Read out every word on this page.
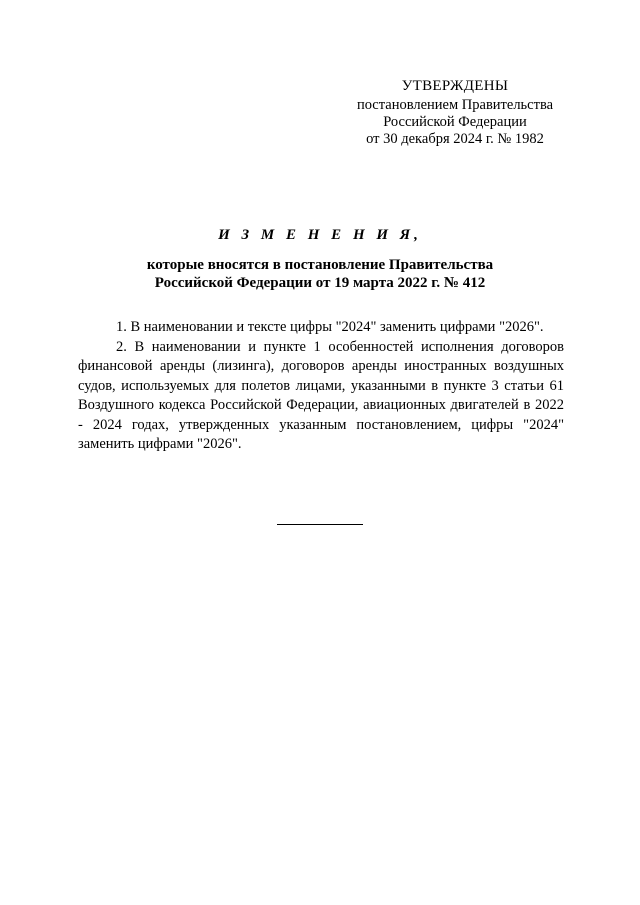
УТВЕРЖДЕНЫ
постановлением Правительства
Российской Федерации
от 30 декабря 2024 г. № 1982
И З М Е Н Е Н И Я,
которые вносятся в постановление Правительства
Российской Федерации от 19 марта 2022 г. № 412

1. В наименовании и тексте цифры "2024" заменить цифрами "2026".

2. В наименовании и пункте 1 особенностей исполнения договоров финансовой аренды (лизинга), договоров аренды иностранных воздушных судов, используемых для полетов лицами, указанными в пункте 3 статьи 61 Воздушного кодекса Российской Федерации, авиационных двигателей в 2022 - 2024 годах, утвержденных указанным постановлением, цифры "2024" заменить цифрами "2026".
